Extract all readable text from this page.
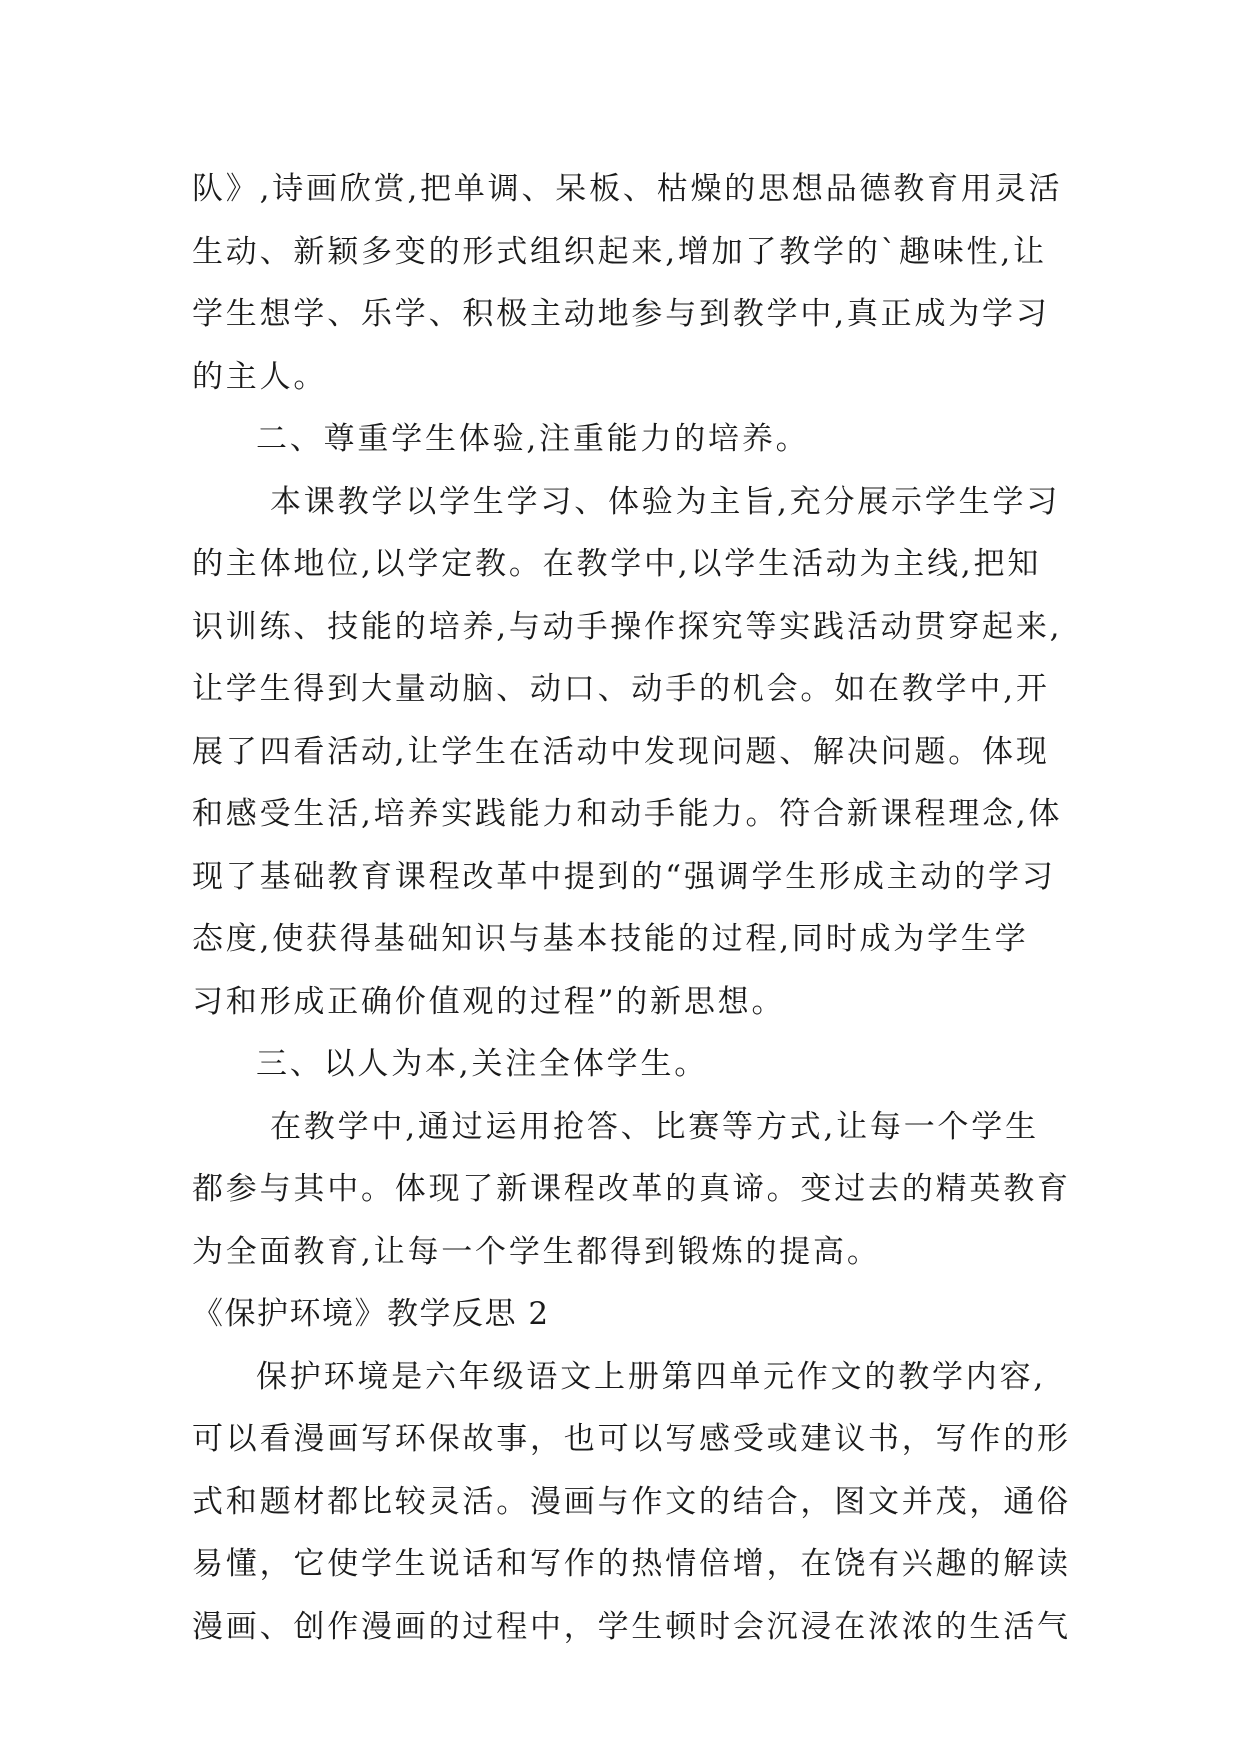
队》,诗画欣赏,把单调、呆板、枯燥的思想品德教育用灵活
生动、新颖多变的形式组织起来,增加了教学的`趣味性,让
学生想学、乐学、积极主动地参与到教学中,真正成为学习
的主人。
二、尊重学生体验,注重能力的培养。
本课教学以学生学习、体验为主旨,充分展示学生学习
的主体地位,以学定教。在教学中,以学生活动为主线,把知
识训练、技能的培养,与动手操作探究等实践活动贯穿起来,
让学生得到大量动脑、动口、动手的机会。如在教学中,开
展了四看活动,让学生在活动中发现问题、解决问题。体现
和感受生活,培养实践能力和动手能力。符合新课程理念,体
现了基础教育课程改革中提到的“强调学生形成主动的学习
态度,使获得基础知识与基本技能的过程,同时成为学生学
习和形成正确价值观的过程”的新思想。
三、以人为本,关注全体学生。
在教学中,通过运用抢答、比赛等方式,让每一个学生
都参与其中。体现了新课程改革的真谛。变过去的精英教育
为全面教育,让每一个学生都得到锻炼的提高。
《保护环境》教学反思 2
保护环境是六年级语文上册第四单元作文的教学内容,
可以看漫画写环保故事，也可以写感受或建议书，写作的形
式和题材都比较灵活。漫画与作文的结合，图文并茂，通俗
易懂，它使学生说话和写作的热情倍增，在饶有兴趣的解读
漫画、创作漫画的过程中，学生顿时会沉浸在浓浓的生活气
